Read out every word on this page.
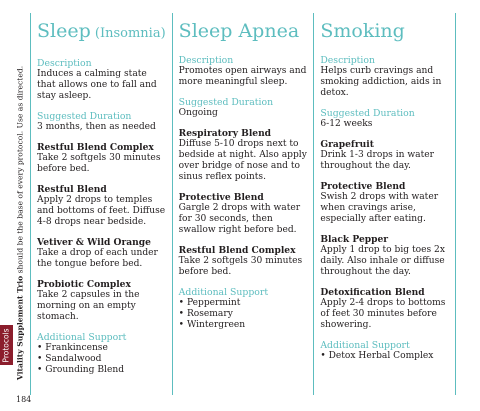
Protocols Vitality Supplement Trio should be the base of every protocol. Use as directed.
184
Sleep (Insomnia)
Description
Induces a calming state that allows one to fall and stay asleep.
Suggested Duration
3 months, then as needed
Restful Blend Complex
Take 2 softgels 30 minutes before bed.
Restful Blend
Apply 2 drops to temples and bottoms of feet. Diffuse 4-8 drops near bedside.
Vetiver & Wild Orange
Take a drop of each under the tongue before bed.
Probiotic Complex
Take 2 capsules in the morning on an empty stomach.
Additional Support
• Frankincense
• Sandalwood
• Grounding Blend
Sleep Apnea
Description
Promotes open airways and more meaningful sleep.
Suggested Duration
Ongoing
Respiratory Blend
Diffuse 5-10 drops next to bedside at night. Also apply over bridge of nose and to sinus reflex points.
Protective Blend
Gargle 2 drops with water for 30 seconds, then swallow right before bed.
Restful Blend Complex
Take 2 softgels 30 minutes before bed.
Additional Support
• Peppermint
• Rosemary
• Wintergreen
Smoking
Description
Helps curb cravings and smoking addiction, aids in detox.
Suggested Duration
6-12 weeks
Grapefruit
Drink 1-3 drops in water throughout the day.
Protective Blend
Swish 2 drops with water when cravings arise, especially after eating.
Black Pepper
Apply 1 drop to big toes 2x daily. Also inhale or diffuse throughout the day.
Detoxification Blend
Apply 2-4 drops to bottoms of feet 30 minutes before showering.
Additional Support
• Detox Herbal Complex
